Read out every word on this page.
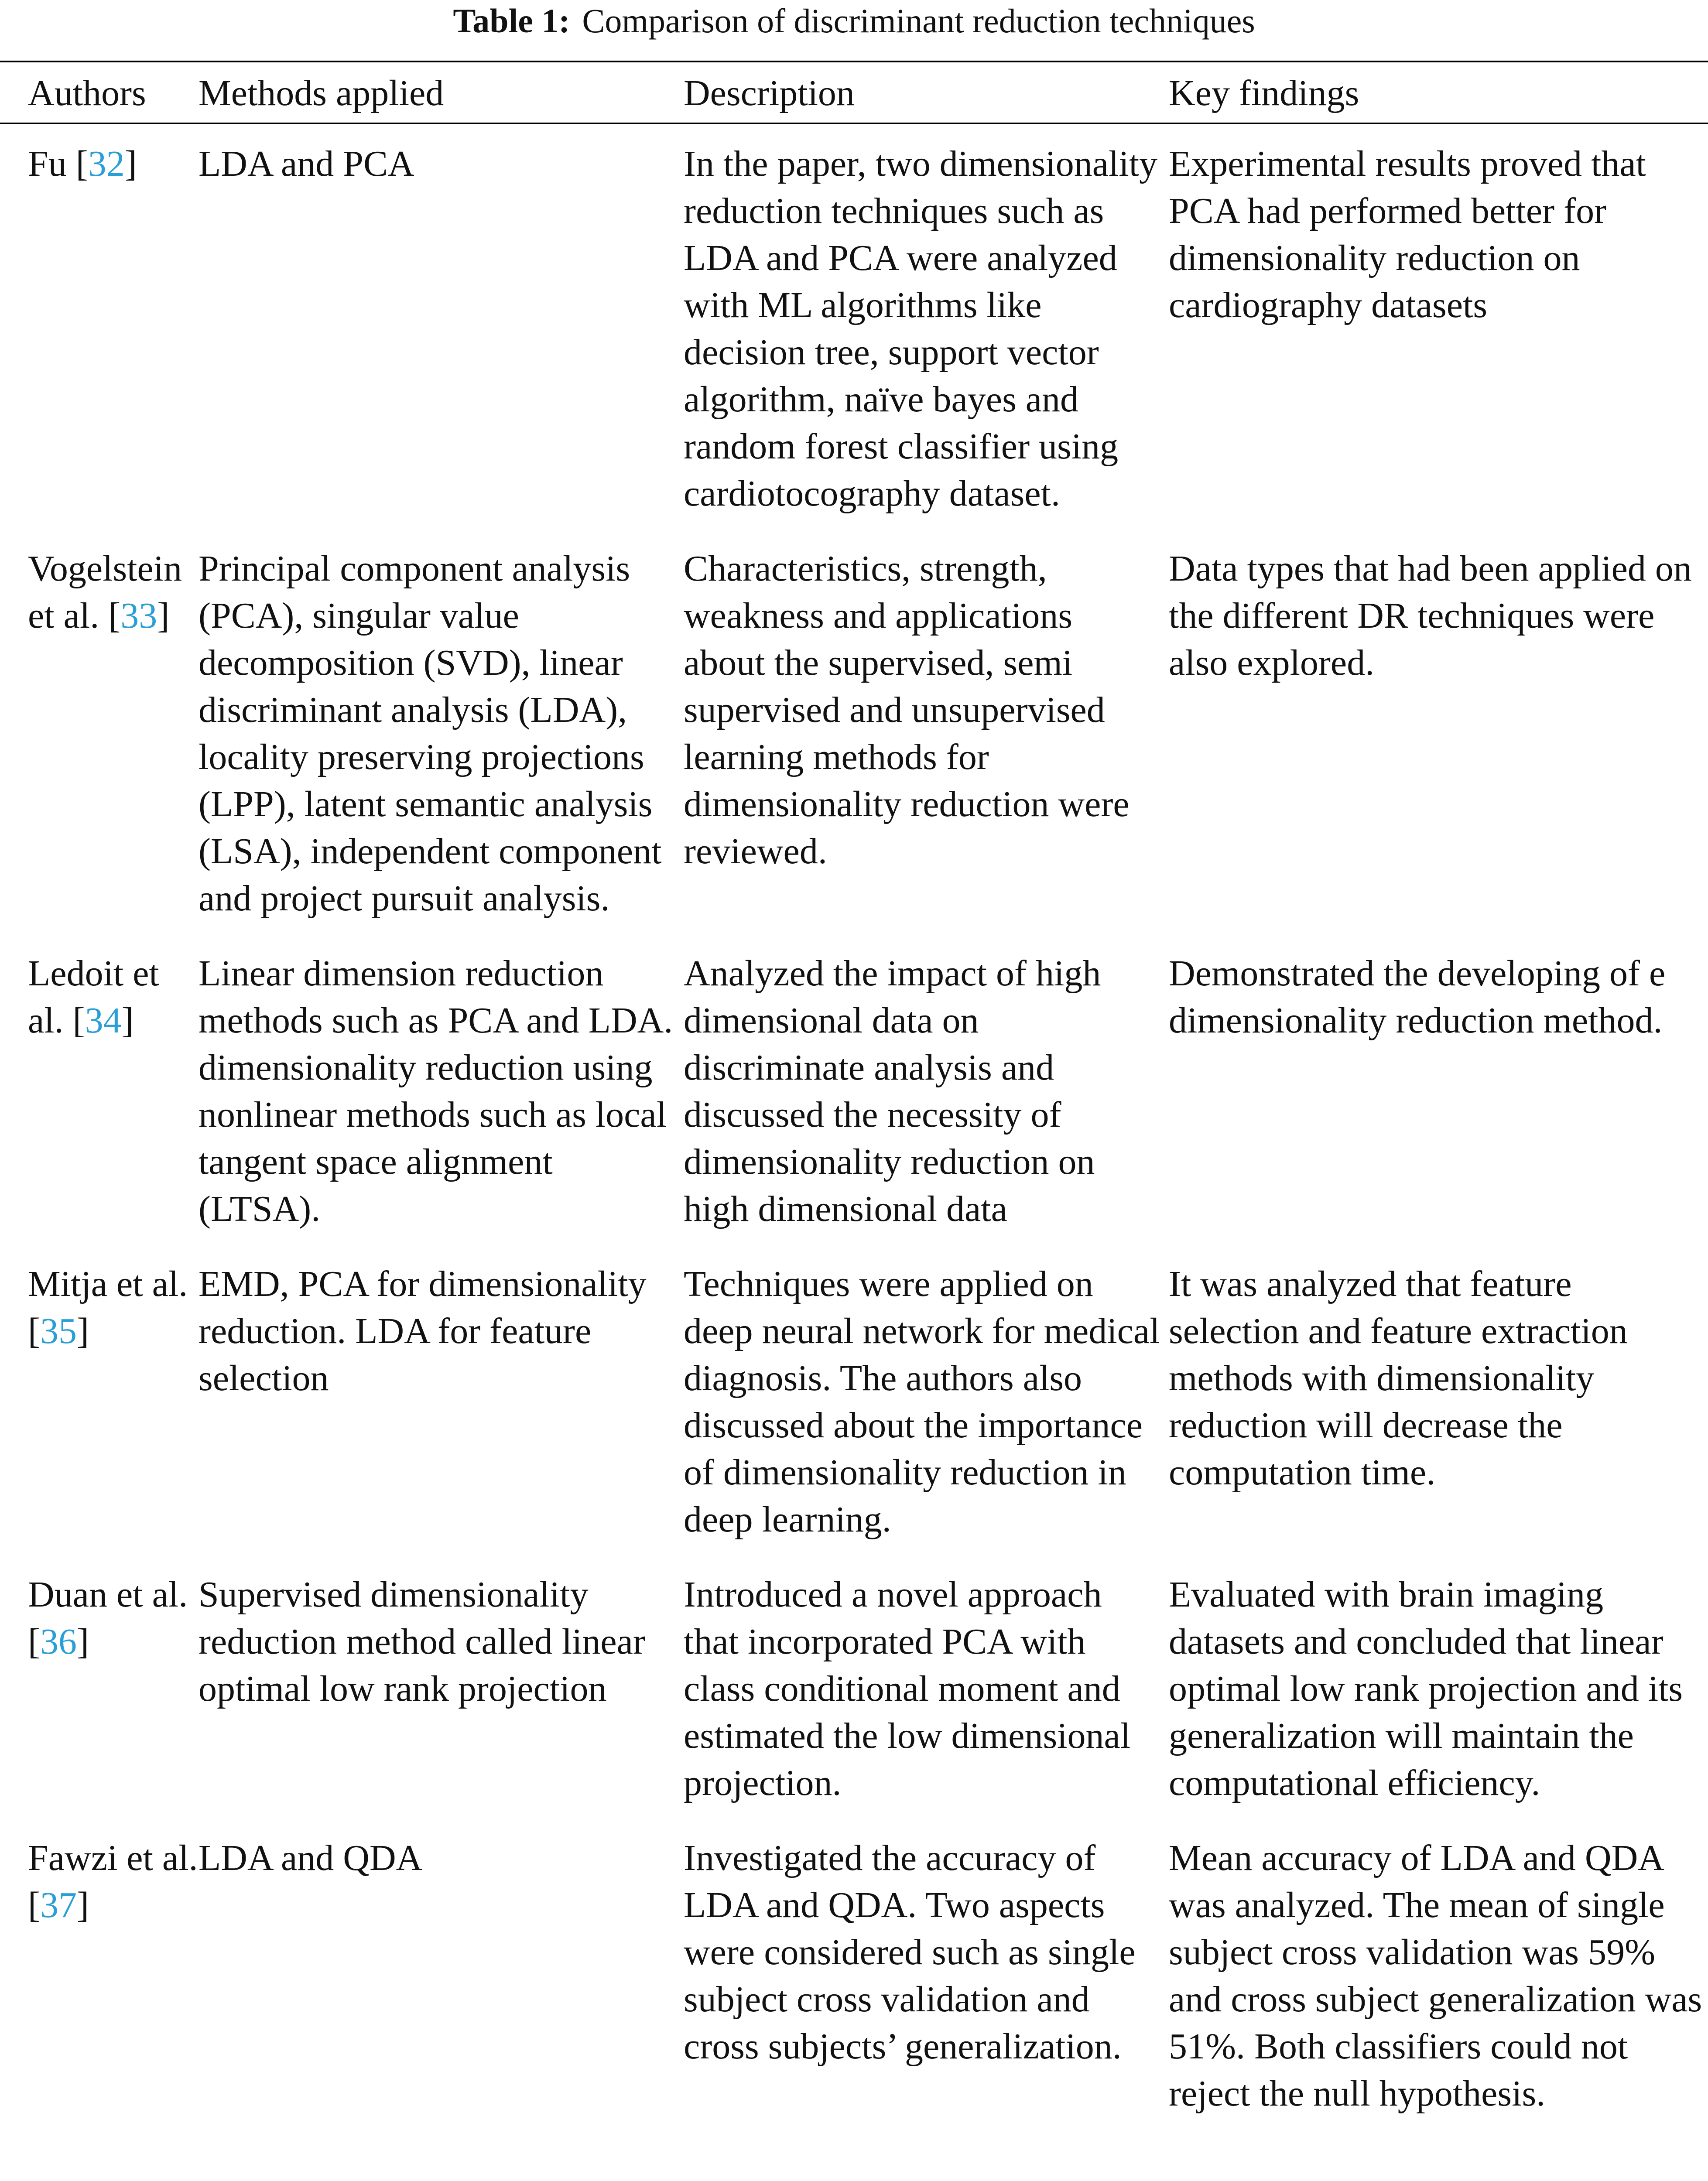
Table 1: Comparison of discriminant reduction techniques
Authors	Methods applied	Description	Key findings
Fu [32]	LDA and PCA	In the paper, two dimensionality reduction techniques such as LDA and PCA were analyzed with ML algorithms like decision tree, support vector algorithm, naïve bayes and random forest classifier using cardiotocography dataset.	Experimental results proved that PCA had performed better for dimensionality reduction on cardiography datasets
Vogelstein et al. [33]	Principal component analysis (PCA), singular value decomposition (SVD), linear discriminant analysis (LDA), locality preserving projections (LPP), latent semantic analysis (LSA), independent component and project pursuit analysis.	Characteristics, strength, weakness and applications about the supervised, semi supervised and unsupervised learning methods for dimensionality reduction were reviewed.	Data types that had been applied on the different DR techniques were also explored.
Ledoit et al. [34]	Linear dimension reduction methods such as PCA and LDA. dimensionality reduction using nonlinear methods such as local tangent space alignment (LTSA).	Analyzed the impact of high dimensional data on discriminate analysis and discussed the necessity of dimensionality reduction on high dimensional data	Demonstrated the developing of e dimensionality reduction method.
Mitja et al. [35]	EMD, PCA for dimensionality reduction. LDA for feature selection	Techniques were applied on deep neural network for medical diagnosis. The authors also discussed about the importance of dimensionality reduction in deep learning.	It was analyzed that feature selection and feature extraction methods with dimensionality reduction will decrease the computation time.
Duan et al. [36]	Supervised dimensionality reduction method called linear optimal low rank projection	Introduced a novel approach that incorporated PCA with class conditional moment and estimated the low dimensional projection.	Evaluated with brain imaging datasets and concluded that linear optimal low rank projection and its generalization will maintain the computational efficiency.
Fawzi et al. [37]	LDA and QDA	Investigated the accuracy of LDA and QDA. Two aspects were considered such as single subject cross validation and cross subjects’ generalization.	Mean accuracy of LDA and QDA was analyzed. The mean of single subject cross validation was 59% and cross subject generalization was 51%. Both classifiers could not reject the null hypothesis.
